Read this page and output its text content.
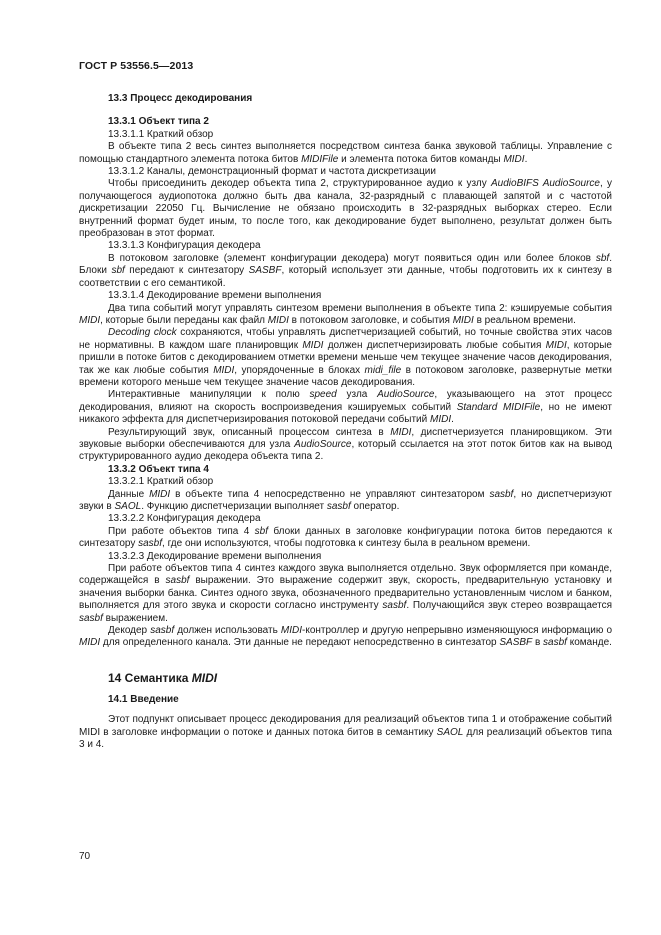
ГОСТ Р 53556.5—2013

13.3 Процесс декодирования

13.3.1 Объект типа 2

13.3.1.1 Краткий обзор

В объекте типа 2 весь синтез выполняется посредством синтеза банка звуковой таблицы. Управление с помощью стандартного элемента потока битов MIDIFile и элемента потока битов команды MIDI.

13.3.1.2 Каналы, демонстрационный формат и частота дискретизации

Чтобы присоединить декодер объекта типа 2, структурированное аудио к узлу AudioBIFS AudioSource, у получающегося аудиопотока должно быть два канала, 32-разрядный с плавающей запятой и с частотой дискретизации 22050 Гц. Вычисление не обязано происходить в 32-разрядных выборках стерео. Если внутренний формат будет иным, то после того, как декодирование будет выполнено, результат должен быть преобразован в этот формат.

13.3.1.3 Конфигурация декодера

В потоковом заголовке (элемент конфигурации декодера) могут появиться один или более блоков sbf. Блоки sbf передают к синтезатору SASBF, который использует эти данные, чтобы подготовить их к синтезу в соответствии с его семантикой.

13.3.1.4 Декодирование времени выполнения

Два типа событий могут управлять синтезом времени выполнения в объекте типа 2: кэшируемые события MIDI, которые были переданы как файл MIDI в потоковом заголовке, и события MIDI в реальном времени.

Decoding clock сохраняются, чтобы управлять диспетчеризацией событий, но точные свойства этих часов не нормативны. В каждом шаге планировщик MIDI должен диспетчеризировать любые события MIDI, которые пришли в потоке битов с декодированием отметки времени меньше чем текущее значение часов декодирования, так же как любые события MIDI, упорядоченные в блоках midi_file в потоковом заголовке, развернутые метки времени которого меньше чем текущее значение часов декодирования.

Интерактивные манипуляции к полю speed узла AudioSource, указывающего на этот процесс декодирования, влияют на скорость воспроизведения кэшируемых событий Standard MIDIFile, но не имеют никакого эффекта для диспетчеризирования потоковой передачи событий MIDI.

Результирующий звук, описанный процессом синтеза в MIDI, диспетчеризуется планировщиком. Эти звуковые выборки обеспечиваются для узла AudioSource, который ссылается на этот поток битов как на вывод структурированного аудио декодера объекта типа 2.

13.3.2 Объект типа 4

13.3.2.1 Краткий обзор

Данные MIDI в объекте типа 4 непосредственно не управляют синтезатором sasbf, но диспетчеризуют звуки в SAOL. Функцию диспетчеризации выполняет sasbf оператор.

13.3.2.2 Конфигурация декодера

При работе объектов типа 4 sbf блоки данных в заголовке конфигурации потока битов передаются к синтезатору sasbf, где они используются, чтобы подготовка к синтезу была в реальном времени.

13.3.2.3 Декодирование времени выполнения

При работе объектов типа 4 синтез каждого звука выполняется отдельно. Звук оформляется при команде, содержащейся в sasbf выражении. Это выражение содержит звук, скорость, предварительную установку и значения выборки банка. Синтез одного звука, обозначенного предварительно установленным числом и банком, выполняется для этого звука и скорости согласно инструменту sasbf. Получающийся звук стерео возвращается sasbf выражением.

Декодер sasbf должен использовать MIDI-контроллер и другую непрерывно изменяющуюся информацию о MIDI для определенного канала. Эти данные не передают непосредственно в синтезатор SASBF в sasbf команде.

14 Семантика MIDI

14.1 Введение

Этот подпункт описывает процесс декодирования для реализаций объектов типа 1 и отображение событий MIDI в заголовке информации о потоке и данных потока битов в семантику SAOL для реализаций объектов типа 3 и 4.

70
